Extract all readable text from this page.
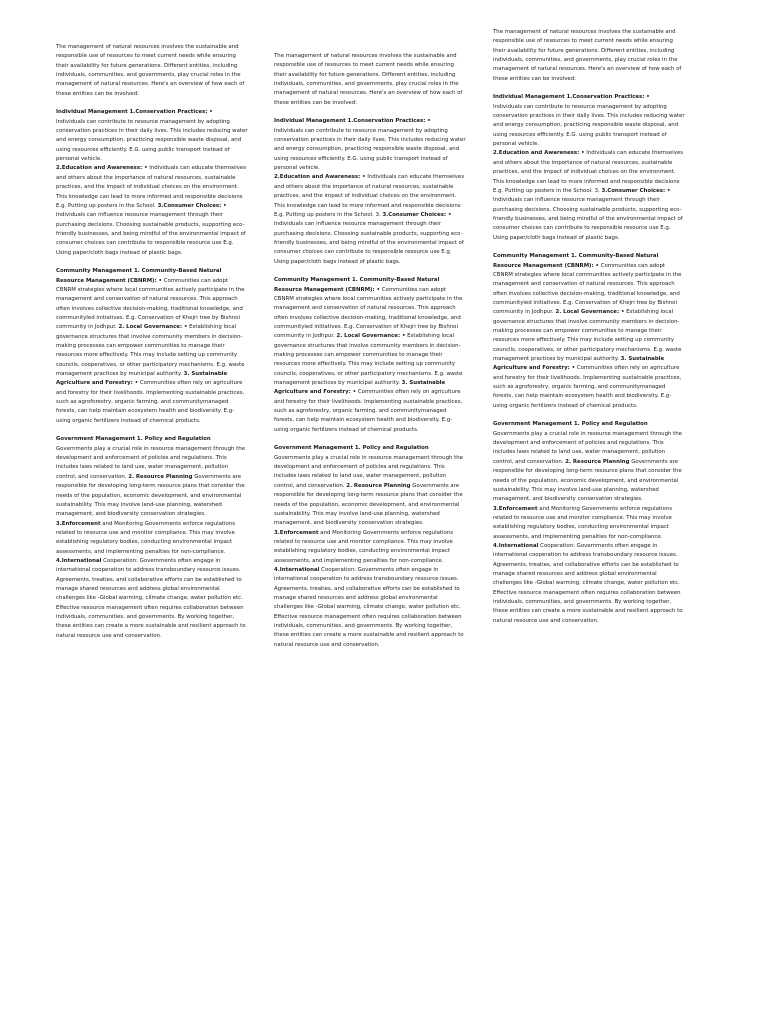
The management of natural resources involves the sustainable and responsible use of resources to meet current needs while ensuring their availability for future generations. Different entities, including individuals, communities, and governments, play crucial roles in the management of natural resources. Here's an overview of how each of these entities can be involved:

Individual Management 1.Conservation Practices: •
Individuals can contribute to resource management by adopting conservation practices in their daily lives. This includes reducing water and energy consumption, practicing responsible waste disposal, and using resources efficiently. E.G. using public transport instead of personal vehicle.
2.Education and Awareness: • Individuals can educate themselves and others about the importance of natural resources, sustainable practices, and the impact of individual choices on the environment. This knowledge can lead to more informed and responsible decisions E.g. Putting up posters in the School. 3.Consumer Choices: • Individuals can influence resource management through their purchasing decisions. Choosing sustainable products, supporting eco-friendly businesses, and being mindful of the environmental impact of consumer choices can contribute to responsible resource use E.g. Using paper/cloth bags instead of plastic bags.

Community Management 1. Community-Based Natural Resource Management (CBNRM): • Communities can adopt CBNRM strategies where local communities actively participate in the management and conservation of natural resources. This approach often involves collective decision-making, traditional knowledge, and communityled initiatives. E.g. Conservation of Khejri tree by Bishnoi community in Jodhpur. 2. Local Governance: • Establishing local governance structures that involve community members in decision-making processes can empower communities to manage their resources more effectively. This may include setting up community councils, cooperatives, or other participatory mechanisms. E.g. waste management practices by municipal authority. 3. Sustainable Agriculture and Forestry: • Communities often rely on agriculture and forestry for their livelihoods. Implementing sustainable practices, such as agroforestry, organic farming, and communitymanaged forests, can help maintain ecosystem health and biodiversity. E.g- using organic fertilizers instead of chemical products.

Government Management 1. Policy and Regulation Governments play a crucial role in resource management through the development and enforcement of policies and regulations. This includes laws related to land use, water management, pollution control, and conservation. 2. Resource Planning Governments are responsible for developing long-term resource plans that consider the needs of the population, economic development, and environmental sustainability. This may involve land-use planning, watershed management, and biodiversity conservation strategies. 3.Enforcement and Monitoring Governments enforce regulations related to resource use and monitor compliance. This may involve establishing regulatory bodies, conducting environmental impact assessments, and implementing penalties for non-compliance. 4.International Cooperation: Governments often engage in international cooperation to address transboundary resource issues. Agreements, treaties, and collaborative efforts can be established to manage shared resources and address global environmental challenges like -Global warming, climate change, water pollution etc. Effective resource management often requires collaboration between individuals, communities, and governments. By working together, these entities can create a more sustainable and resilient approach to natural resource use and conservation.

The management of natural resources involves the sustainable and responsible use of resources to meet current needs while ensuring their availability for future generations. Different entities, including individuals, communities, and governments, play crucial roles in the management of natural resources. Here's an overview of how each of these entities can be involved:

Individual Management 1.Conservation Practices: •
Individuals can contribute to resource management by adopting conservation practices in their daily lives. This includes reducing water and energy consumption, practicing responsible waste disposal, and using resources efficiently. E.G. using public transport instead of personal vehicle.
2.Education and Awareness: • Individuals can educate themselves and others about the importance of natural resources, sustainable practices, and the impact of individual choices on the environment. This knowledge can lead to more informed and responsible decisions E.g. Putting up posters in the School. 3. 3.Consumer Choices: • Individuals can influence resource management through their purchasing decisions. Choosing sustainable products, supporting eco-friendly businesses, and being mindful of the environmental impact of consumer choices can contribute to responsible resource use E.g. Using paper/cloth bags instead of plastic bags.

Community Management 1. Community-Based Natural Resource Management (CBNRM): • Communities can adopt CBNRM strategies where local communities actively participate in the management and conservation of natural resources. This approach often involves collective decision-making, traditional knowledge, and communityled initiatives. E.g. Conservation of Khejri tree by Bishnoi community in Jodhpur. 2. Local Governance: • Establishing local governance structures that involve community members in decision-making processes can empower communities to manage their resources more effectively. This may include setting up community councils, cooperatives, or other participatory mechanisms. E.g. waste management practices by municipal authority. 3. Sustainable Agriculture and Forestry: • Communities often rely on agriculture and forestry for their livelihoods. Implementing sustainable practices, such as agroforestry, organic farming, and communitymanaged forests, can help maintain ecosystem health and biodiversity. E.g- using organic fertilizers instead of chemical products.

Government Management 1. Policy and Regulation Governments play a crucial role in resource management through the development and enforcement of policies and regulations. This includes laws related to land use, water management, pollution control, and conservation. 2. Resource Planning Governments are responsible for developing long-term resource plans that consider the needs of the population, economic development, and environmental sustainability. This may involve land-use planning, watershed management, and biodiversity conservation strategies. 3.Enforcement and Monitoring Governments enforce regulations related to resource use and monitor compliance. This may involve establishing regulatory bodies, conducting environmental impact assessments, and implementing penalties for non-compliance. 4.International Cooperation: Governments often engage in international cooperation to address transboundary resource issues. Agreements, treaties, and collaborative efforts can be established to manage shared resources and address global environmental challenges like -Global warming, climate change, water pollution etc. Effective resource management often requires collaboration between individuals, communities, and governments. By working together, these entities can create a more sustainable and resilient approach to natural resource use and conservation.

The management of natural resources involves the sustainable and responsible use of resources to meet current needs while ensuring their availability for future generations. Different entities, including individuals, communities, and governments, play crucial roles in the management of natural resources. Here's an overview of how each of these entities can be involved:

Individual Management 1.Conservation Practices: •
Individuals can contribute to resource management by adopting conservation practices in their daily lives. This includes reducing water and energy consumption, practicing responsible waste disposal, and using resources efficiently. E.G. using public transport instead of personal vehicle.
2.Education and Awareness: • Individuals can educate themselves and others about the importance of natural resources, sustainable practices, and the impact of individual choices on the environment. This knowledge can lead to more informed and responsible decisions E.g. Putting up posters in the School. 3. 3.Consumer Choices: • Individuals can influence resource management through their purchasing decisions. Choosing sustainable products, supporting eco-friendly businesses, and being mindful of the environmental impact of consumer choices can contribute to responsible resource use E.g. Using paper/cloth bags instead of plastic bags.

Community Management 1. Community-Based Natural Resource Management (CBNRM): • Communities can adopt CBNRM strategies where local communities actively participate in the management and conservation of natural resources. This approach often involves collective decision-making, traditional knowledge, and communityled initiatives. E.g. Conservation of Khejri tree by Bishnoi community in Jodhpur. 2. Local Governance: • Establishing local governance structures that involve community members in decision-making processes can empower communities to manage their resources more effectively. This may include setting up community councils, cooperatives, or other participatory mechanisms. E.g. waste management practices by municipal authority. 3. Sustainable Agriculture and Forestry: • Communities often rely on agriculture and forestry for their livelihoods. Implementing sustainable practices, such as agroforestry, organic farming, and communitymanaged forests, can help maintain ecosystem health and biodiversity. E.g- using organic fertilizers instead of chemical products.

Government Management 1. Policy and Regulation Governments play a crucial role in resource management through the development and enforcement of policies and regulations. This includes laws related to land use, water management, pollution control, and conservation. 2. Resource Planning Governments are responsible for developing long-term resource plans that consider the needs of the population, economic development, and environmental sustainability. This may involve land-use planning, watershed management, and biodiversity conservation strategies. 3.Enforcement and Monitoring Governments enforce regulations related to resource use and monitor compliance. This may involve establishing regulatory bodies, conducting environmental impact assessments, and implementing penalties for non-compliance. 4.International Cooperation: Governments often engage in international cooperation to address transboundary resource issues. Agreements, treaties, and collaborative efforts can be established to manage shared resources and address global environmental challenges like -Global warming, climate change, water pollution etc. Effective resource management often requires collaboration between individuals, communities, and governments. By working together, these entities can create a more sustainable and resilient approach to natural resource use and conservation.
